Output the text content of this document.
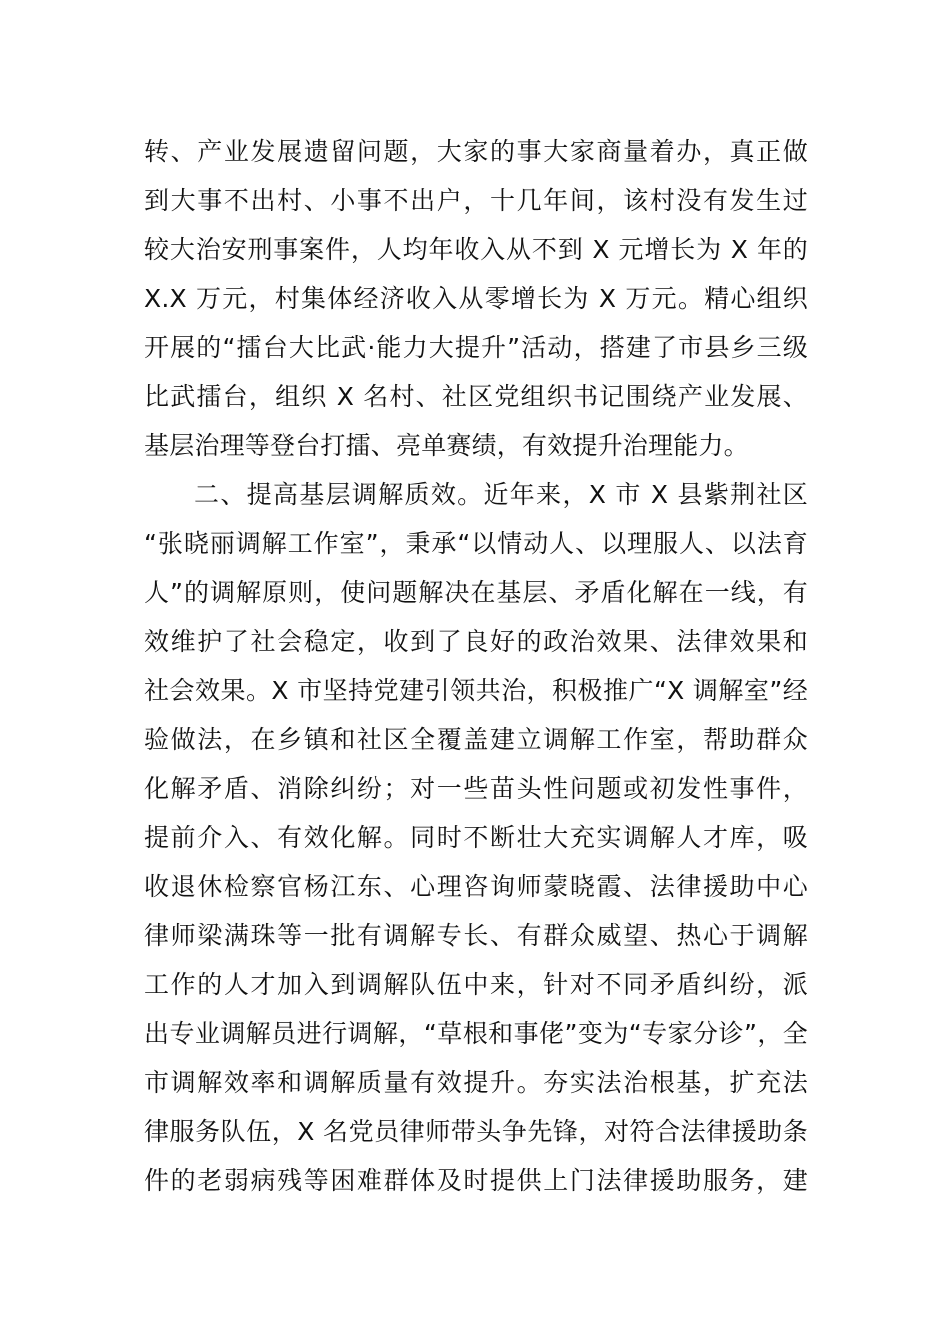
转、产业发展遗留问题，大家的事大家商量着办，真正做
到大事不出村、小事不出户，十几年间，该村没有发生过
较大治安刑事案件，人均年收入从不到 X 元增长为 X 年的
X.X 万元，村集体经济收入从零增长为 X 万元。精心组织
开展的“擂台大比武·能力大提升”活动，搭建了市县乡三级
比武擂台，组织 X 名村、社区党组织书记围绕产业发展、
基层治理等登台打擂、亮单赛绩，有效提升治理能力。
二、提高基层调解质效。近年来，X 市 X 县紫荆社区
“张晓丽调解工作室”，秉承“以情动人、以理服人、以法育
人”的调解原则，使问题解决在基层、矛盾化解在一线，有
效维护了社会稳定，收到了良好的政治效果、法律效果和
社会效果。X 市坚持党建引领共治，积极推广“X 调解室”经
验做法，在乡镇和社区全覆盖建立调解工作室，帮助群众
化解矛盾、消除纠纷；对一些苗头性问题或初发性事件，
提前介入、有效化解。同时不断壮大充实调解人才库，吸
收退休检察官杨江东、心理咨询师蒙晓霞、法律援助中心
律师梁满珠等一批有调解专长、有群众威望、热心于调解
工作的人才加入到调解队伍中来，针对不同矛盾纠纷，派
出专业调解员进行调解，“草根和事佬”变为“专家分诊”，全
市调解效率和调解质量有效提升。夯实法治根基，扩充法
律服务队伍，X 名党员律师带头争先锋，对符合法律援助条
件的老弱病残等困难群体及时提供上门法律援助服务，建
